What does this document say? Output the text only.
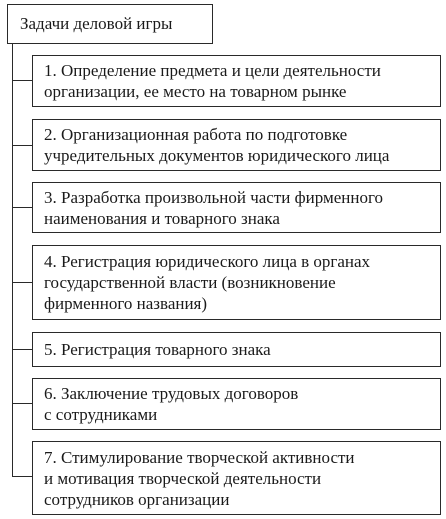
Задачи деловой игры
1. Определение предмета и цели деятельности
организации, ее место на товарном рынке
2. Организационная работа по подготовке
учредительных документов юридического лица
3. Разработка произвольной части фирменного
наименования и товарного знака
4. Регистрация юридического лица в органах
государственной власти (возникновение
фирменного названия)
5. Регистрация товарного знака
6. Заключение трудовых договоров
с сотрудниками
7. Стимулирование творческой активности
и мотивация творческой деятельности
сотрудников организации
